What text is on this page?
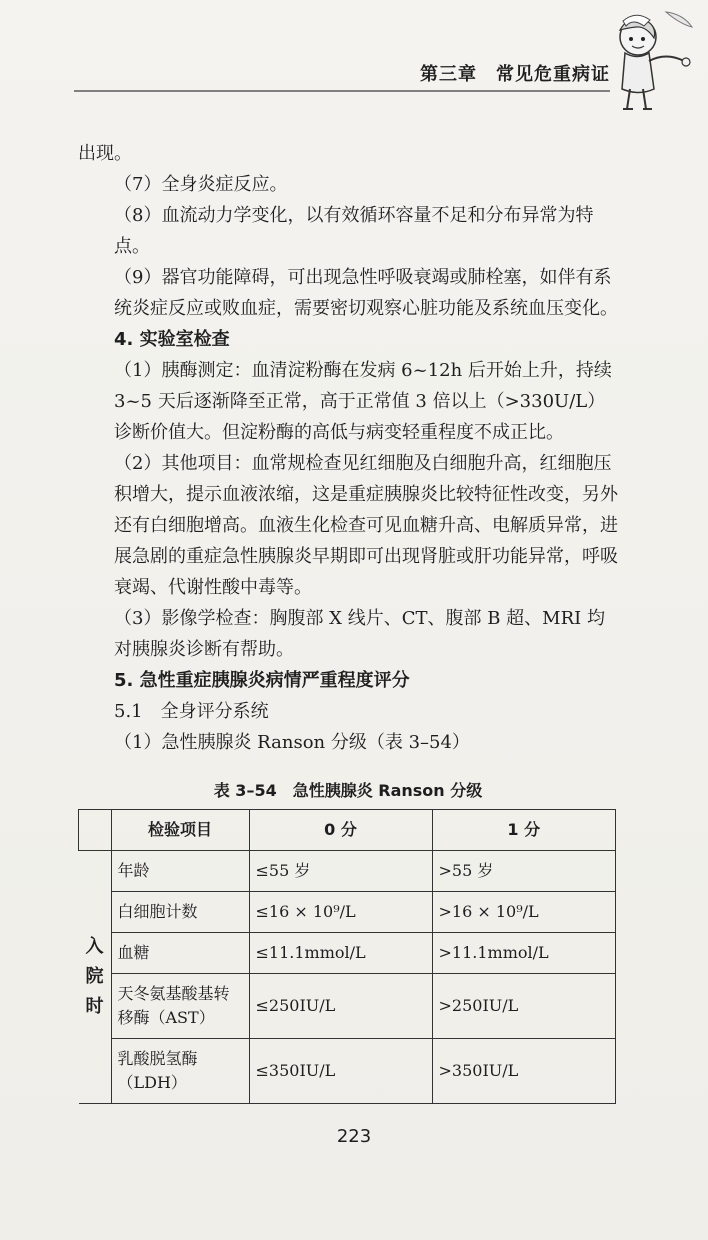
第三章　常见危重病证

出现。

（7）全身炎症反应。

（8）血流动力学变化，以有效循环容量不足和分布异常为特点。

（9）器官功能障碍，可出现急性呼吸衰竭或肺栓塞，如伴有系统炎症反应或败血症，需要密切观察心脏功能及系统血压变化。

4. 实验室检查

（1）胰酶测定：血清淀粉酶在发病 6~12h 后开始上升，持续 3~5 天后逐渐降至正常，高于正常值 3 倍以上（>330U/L）诊断价值大。但淀粉酶的高低与病变轻重程度不成正比。

（2）其他项目：血常规检查见红细胞及白细胞升高，红细胞压积增大，提示血液浓缩，这是重症胰腺炎比较特征性改变，另外还有白细胞增高。血液生化检查可见血糖升高、电解质异常，进展急剧的重症急性胰腺炎早期即可出现肾脏或肝功能异常，呼吸衰竭、代谢性酸中毒等。

（3）影像学检查：胸腹部 X 线片、CT、腹部 B 超、MRI 均对胰腺炎诊断有帮助。

5. 急性重症胰腺炎病情严重程度评分
5.1　全身评分系统

（1）急性胰腺炎 Ranson 分级（表 3–54）

表 3–54　急性胰腺炎 Ranson 分级
	检验项目	0 分	1 分
入
院
时	年龄	≤55 岁	>55 岁
	白细胞计数	≤16 × 10⁹/L	>16 × 10⁹/L
	血糖	≤11.1mmol/L	>11.1mmol/L
	天冬氨基酸基转移酶（AST）	≤250IU/L	>250IU/L
	乳酸脱氢酶（LDH）	≤350IU/L	>350IU/L
223
